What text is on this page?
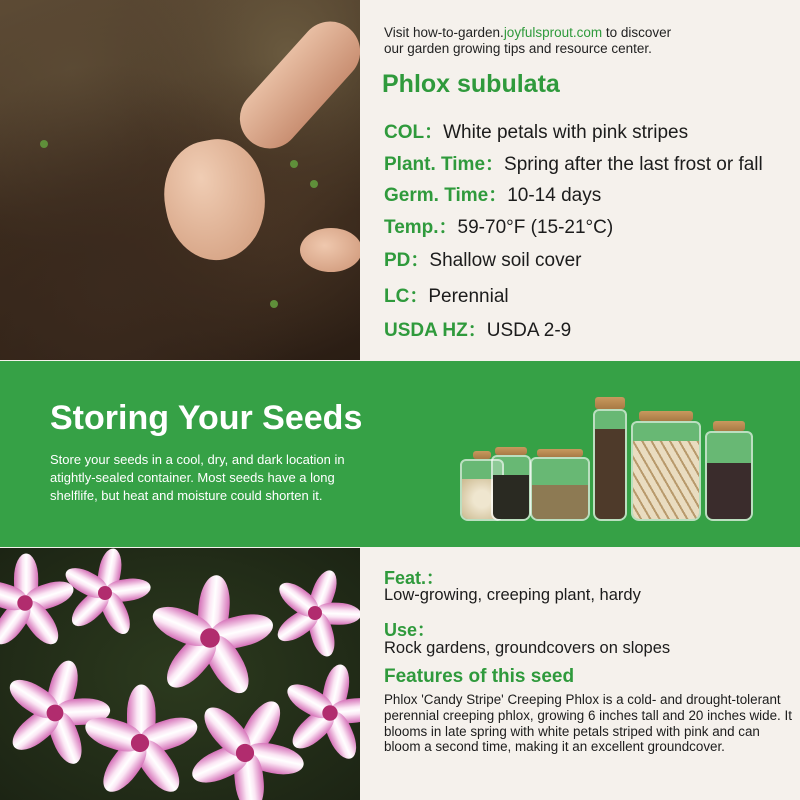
Visit how-to-garden.joyfulsprout.com to discover
our garden growing tips and resource center.
Phlox subulata
COL：White petals with pink stripes
Plant. Time：Spring after the last frost or fall
Germ. Time：10-14 days
Temp.：59-70°F (15-21°C)
PD：Shallow soil cover
LC：Perennial
USDA HZ：USDA 2-9
Storing Your Seeds

Store your seeds in a cool, dry, and dark location in atightly-sealed container. Most seeds have a long shelflife, but heat and moisture could shorten it.

Feat.：
Low-growing, creeping plant, hardy
Use：
Rock gardens, groundcovers on slopes
Features of this seed

Phlox 'Candy Stripe' Creeping Phlox is a cold- and drought-tolerant perennial creeping phlox, growing 6 inches tall and 20 inches wide. It blooms in late spring with white petals striped with pink and can bloom a second time, making it an excellent groundcover.
